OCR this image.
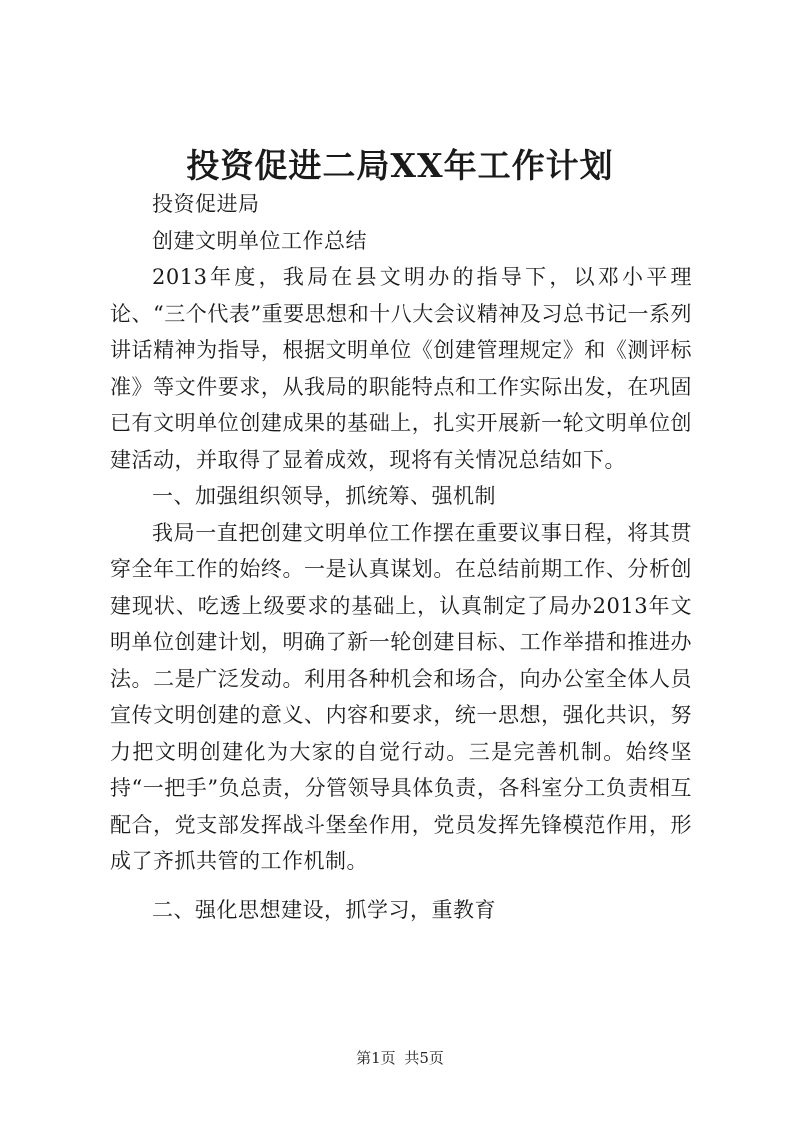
投资促进二局XX年工作计划

投资促进局

创建文明单位工作总结

2013年度，我局在县文明办的指导下，以邓小平理论、“三个代表”重要思想和十八大会议精神及习总书记一系列讲话精神为指导，根据文明单位《创建管理规定》和《测评标准》等文件要求，从我局的职能特点和工作实际出发，在巩固已有文明单位创建成果的基础上，扎实开展新一轮文明单位创建活动，并取得了显着成效，现将有关情况总结如下。

一、加强组织领导，抓统筹、强机制

我局一直把创建文明单位工作摆在重要议事日程，将其贯穿全年工作的始终。一是认真谋划。在总结前期工作、分析创建现状、吃透上级要求的基础上，认真制定了局办2013年文明单位创建计划，明确了新一轮创建目标、工作举措和推进办法。二是广泛发动。利用各种机会和场合，向办公室全体人员宣传文明创建的意义、内容和要求，统一思想，强化共识，努力把文明创建化为大家的自觉行动。三是完善机制。始终坚持“一把手”负总责，分管领导具体负责，各科室分工负责相互配合，党支部发挥战斗堡垒作用，党员发挥先锋模范作用，形成了齐抓共管的工作机制。

二、强化思想建设，抓学习，重教育

第1页 共5页
